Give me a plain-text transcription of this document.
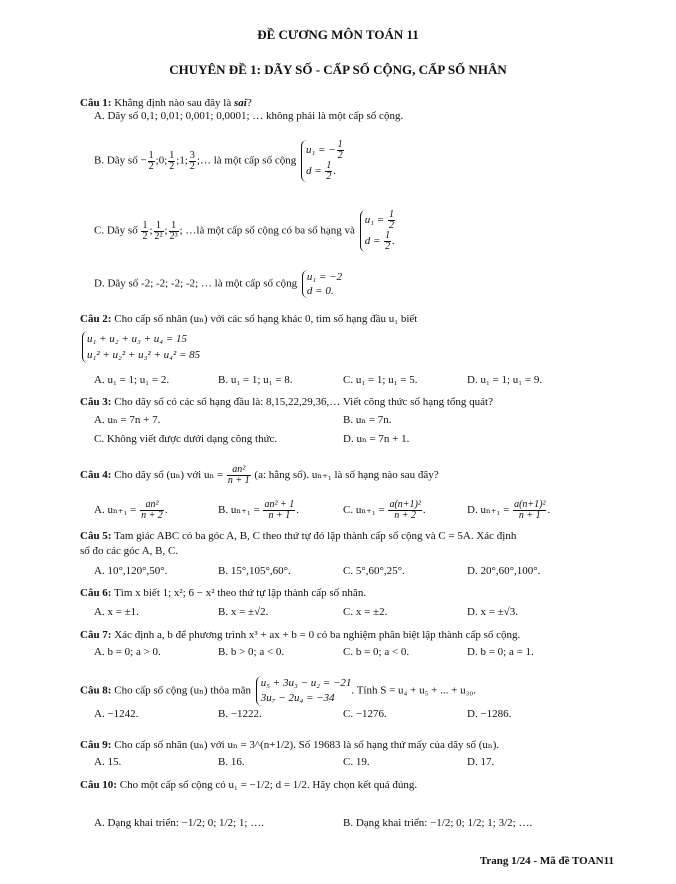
ĐỀ CƯƠNG MÔN TOÁN 11
CHUYÊN ĐỀ 1: DÃY SỐ - CẤP SỐ CỘNG, CẤP SỐ NHÂN
Câu 1: Khẳng định nào sau đây là sai?
A. Dãy số 0,1; 0,01; 0,001; 0,0001; … không phải là một cấp số cộng.
B. Dãy số − $\frac{1}{2}$ ;0; $\frac{1}{2}$ ;1; $\frac{3}{2}$ ;… là một cấp số cộng
u₁ = − $\frac{1}{2}$
$d = \frac{1}{2}$ .
C. Dãy số $\frac{1}{2}$ ; $\frac{1}{\text{2²}}$ ; $\frac{1}{\text{2³}}$ ; …là một cấp số cộng có ba số hạng và
$u_1 = \frac{1}{2}$
$d = \frac{1}{2}$ .
D. Dãy số -2; -2; -2; -2; … là một cấp số cộng
u₁ = −2
d = 0.
Câu 2: Cho cấp số nhân (uₙ) với các số hạng khác 0, tìm số hạng đầu u₁ biết
u₁ + u₂ + u₃ + u₄ = 15
u₁² + u₂² + u₃² + u₄² = 85
A. u₁ = 1; u₁ = 2.	B. u₁ = 1; u₁ = 8.	C. u₁ = 1; u₁ = 5.	D. u₁ = 1; u₁ = 9.
Câu 3: Cho dãy số có các số hạng đầu là: 8,15,22,29,36,… Viết công thức số hạng tổng quát?
A. uₙ = 7n + 7.	B. uₙ = 7n.
C. Không viết được dưới dạng công thức.	D. uₙ = 7n + 1.
Câu 4: Cho dãy số (uₙ) với $u_n = \frac{\text{an²}}{n + 1} (a$: hằng số). uₙ₊₁ là số hạng nào sau đây?
A. $u_{n+1} = \frac{\text{an²}}{n + 2}$ .	B. $u_{n+1} = \frac{\text{an² + 1}}{n + 1}$ .	C. $u_{n+1} = \frac{\text{a(n+1)²}}{n + 2}$ .	D. $u_{n+1} = \frac{\text{a(n+1)²}}{n + 1}$ .
Câu 5: Tam giác ABC có ba góc A, B, C theo thứ tự đó lập thành cấp số cộng và C = 5A. Xác định
số đo các góc A, B, C.
A. 10°,120°,50°.	B. 15°,105°,60°.	C. 5°,60°,25°.	D. 20°,60°,100°.
Câu 6: Tìm x biết 1; x²; 6 − x² theo thứ tự lập thành cấp số nhân.
A. x = ±1.	B. x = ±√2.	C. x = ±2.	D. x = ±√3.
Câu 7: Xác định a, b để phương trình x³ + ax + b = 0 có ba nghiệm phân biệt lập thành cấp số cộng.
A. b = 0; a > 0.	B. b > 0; a < 0.	C. b = 0; a < 0.	D. b = 0; a = 1.
Câu 8: Cho cấp số cộng (uₙ) thỏa mãn
u₅ + 3u₃ − u₂ = −21
3u₇ − 2u₄ = −34
. Tính S = u₄ + u₅ + ... + u₃₀.
A. −1242.	B. −1222.	C. −1276.	D. −1286.
Câu 9: Cho cấp số nhân (uₙ) với uₙ = 3^(n+1/2). Số 19683 là số hạng thứ mấy của dãy số (uₙ).
A. 15.	B. 16.	C. 19.	D. 17.
Câu 10: Cho một cấp số cộng có u₁ = −1/2; d = 1/2. Hãy chọn kết quả đúng.
A. Dạng khai triển: −1/2; 0; 1/2; 1; ….	B. Dạng khai triển: −1/2; 0; 1/2; 1; 3/2; ….
Trang 1/24 - Mã đề TOAN11
